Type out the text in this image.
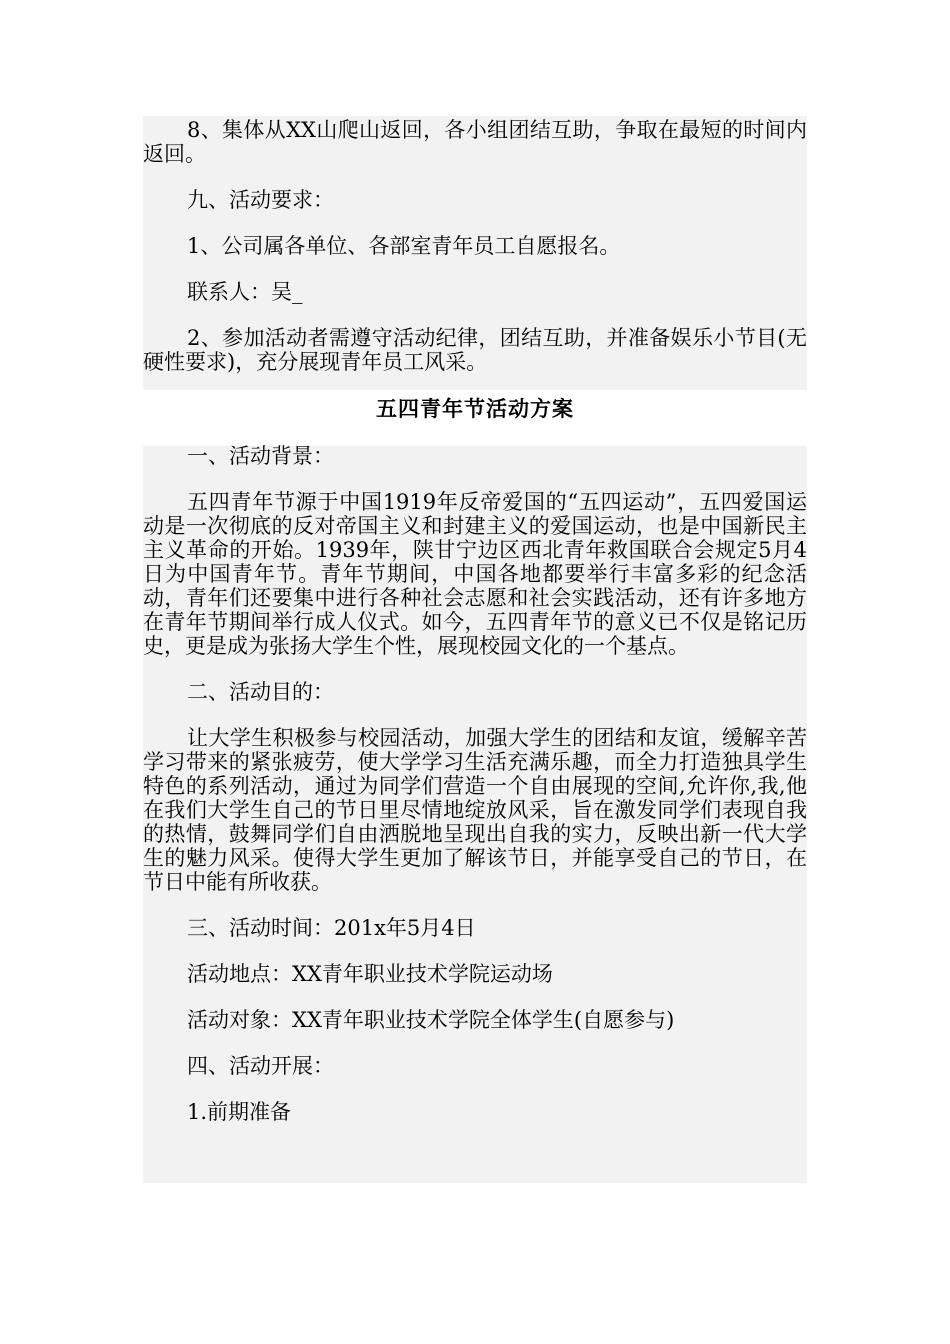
8、集体从XX山爬山返回，各小组团结互助，争取在最短的时间内返回。

九、活动要求：

1、公司属各单位、各部室青年员工自愿报名。

联系人：吴_

2、参加活动者需遵守活动纪律，团结互助，并准备娱乐小节目(无硬性要求)，充分展现青年员工风采。

五四青年节活动方案

一、活动背景：

五四青年节源于中国1919年反帝爱国的“五四运动”，五四爱国运动是一次彻底的反对帝国主义和封建主义的爱国运动，也是中国新民主主义革命的开始。1939年，陕甘宁边区西北青年救国联合会规定5月4日为中国青年节。青年节期间，中国各地都要举行丰富多彩的纪念活动，青年们还要集中进行各种社会志愿和社会实践活动，还有许多地方在青年节期间举行成人仪式。如今，五四青年节的意义已不仅是铭记历史，更是成为张扬大学生个性，展现校园文化的一个基点。

二、活动目的：

让大学生积极参与校园活动，加强大学生的团结和友谊，缓解辛苦学习带来的紧张疲劳，使大学学习生活充满乐趣，而全力打造独具学生特色的系列活动，通过为同学们营造一个自由展现的空间,允许你,我,他在我们大学生自己的节日里尽情地绽放风采，旨在激发同学们表现自我的热情，鼓舞同学们自由洒脱地呈现出自我的实力，反映出新一代大学生的魅力风采。使得大学生更加了解该节日，并能享受自己的节日，在节日中能有所收获。

三、活动时间：201x年5月4日

活动地点：XX青年职业技术学院运动场

活动对象：XX青年职业技术学院全体学生(自愿参与)

四、活动开展：

1.前期准备
